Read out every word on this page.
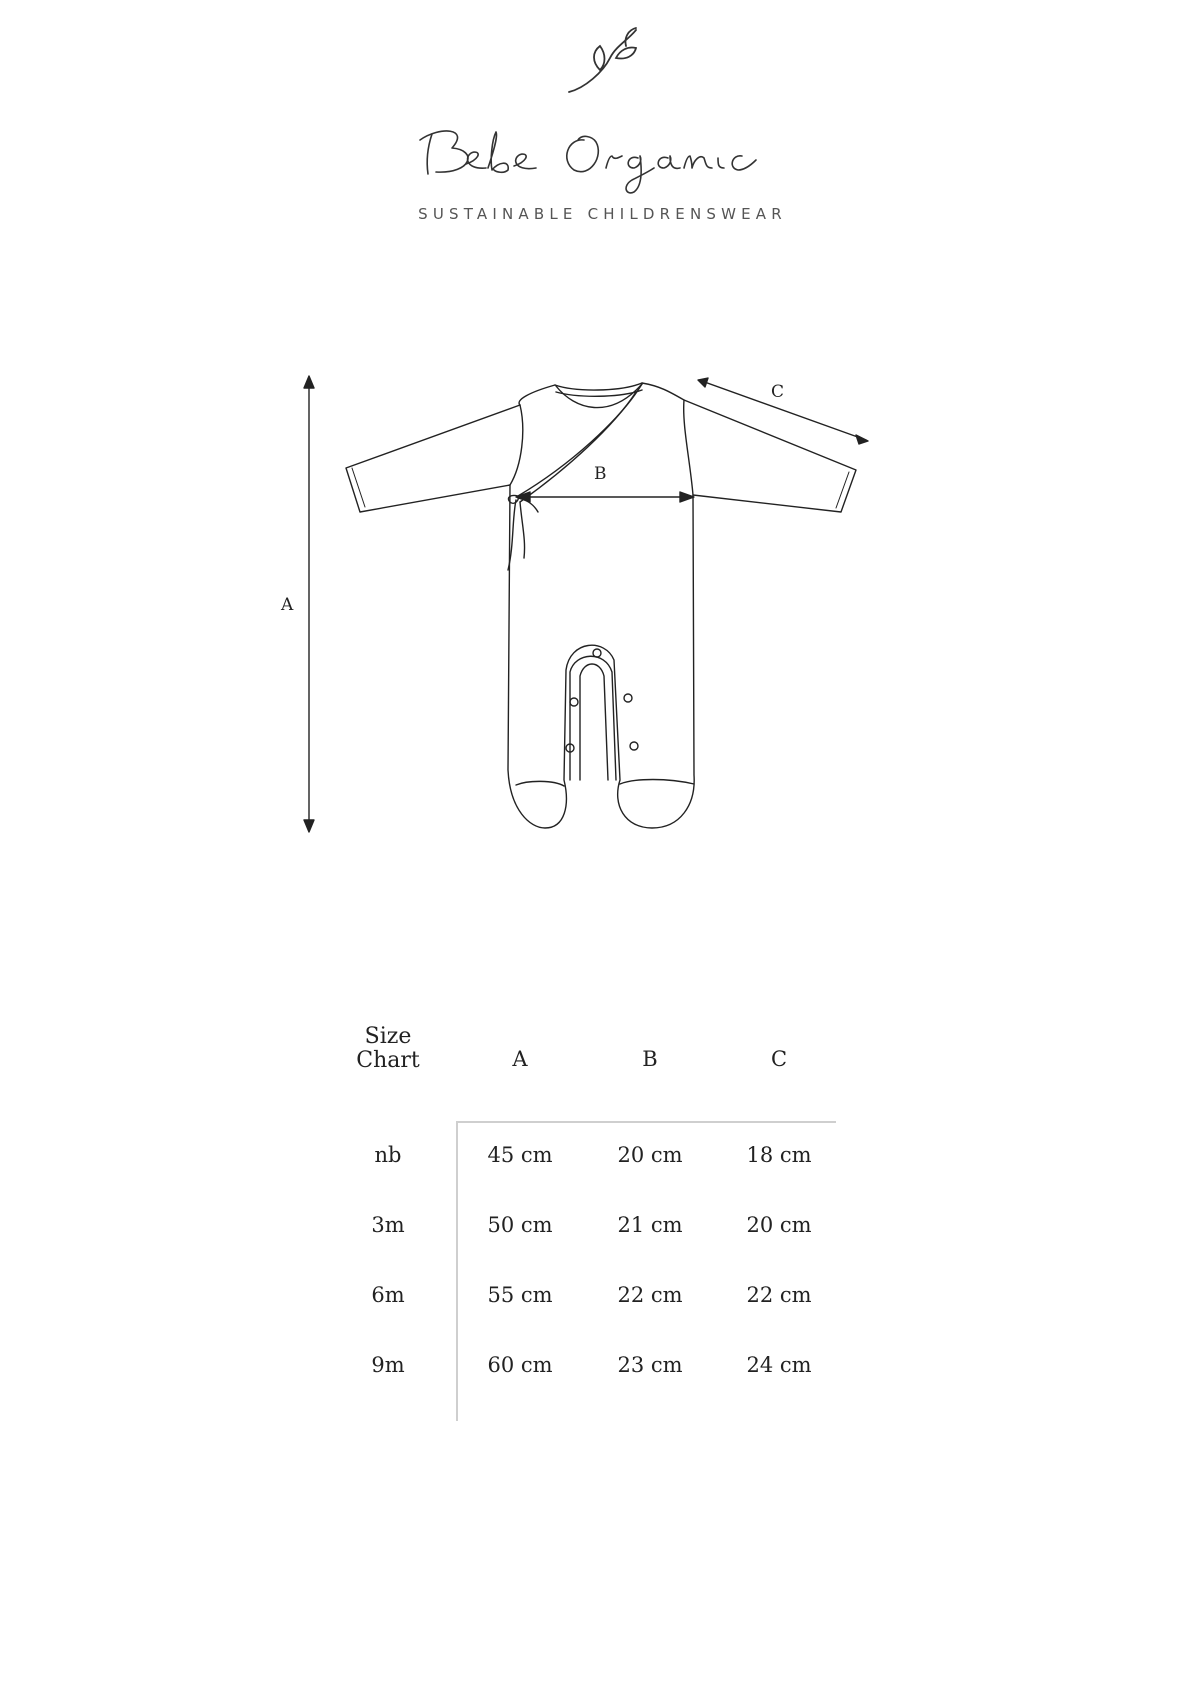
SUSTAINABLE CHILDRENSWEAR
A
B
C
Size
Chart	A	B	C
nb	45 cm	20 cm	18 cm
3m	50 cm	21 cm	20 cm
6m	55 cm	22 cm	22 cm
9m	60 cm	23 cm	24 cm
